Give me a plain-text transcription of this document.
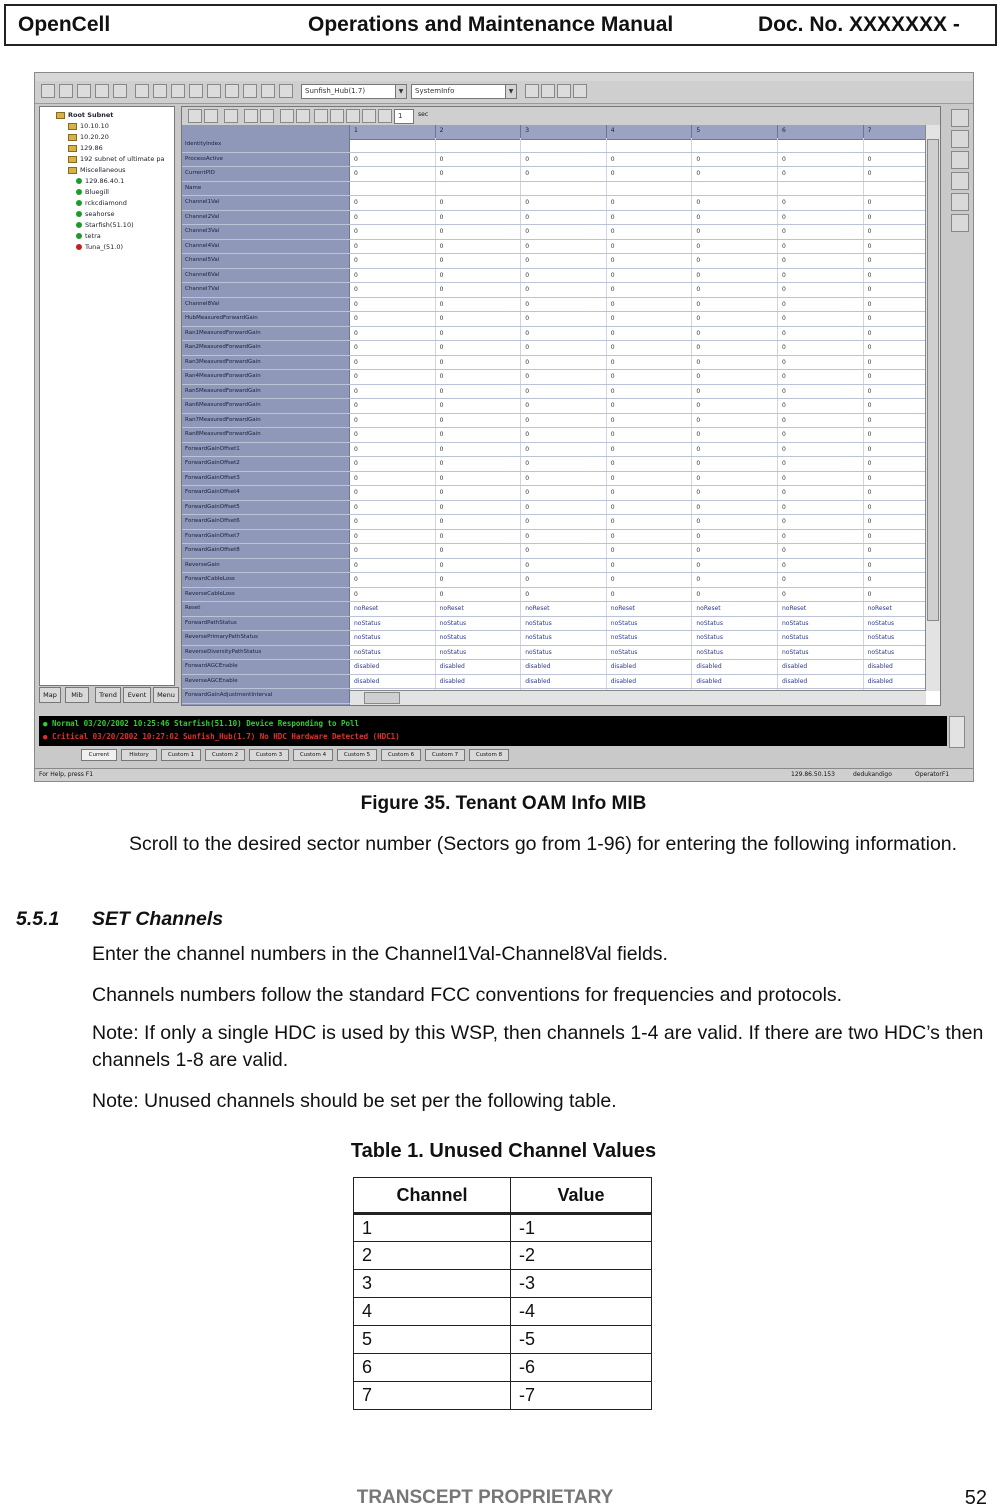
OpenCell	Operations and Maintenance Manual	Doc. No. XXXXXXX -
Sunfish_Hub(1.7)	▼	SystemInfo	▼
Root Subnet
10.10.10
10.20.20
129.86
192 subnet of ultimate pa
Miscellaneous
129.86.40.1
Bluegill
rckcdiamond
seahorse
Starfish(51.10)
tetra
Tuna_(51.0)
Map	Mib	Trend	Event	Menu
1	sec
1	2	3	4	5	6	7
IdentityIndex
ProcessActive	0	0	0	0	0	0	0
CurrentPID	0	0	0	0	0	0	0
Name
Channel1Val	0	0	0	0	0	0	0
Channel2Val	0	0	0	0	0	0	0
Channel3Val	0	0	0	0	0	0	0
Channel4Val	0	0	0	0	0	0	0
Channel5Val	0	0	0	0	0	0	0
Channel6Val	0	0	0	0	0	0	0
Channel7Val	0	0	0	0	0	0	0
Channel8Val	0	0	0	0	0	0	0
HubMeasuredForwardGain	0	0	0	0	0	0	0
Ran1MeasuredForwardGain	0	0	0	0	0	0	0
Ran2MeasuredForwardGain	0	0	0	0	0	0	0
Ran3MeasuredForwardGain	0	0	0	0	0	0	0
Ran4MeasuredForwardGain	0	0	0	0	0	0	0
Ran5MeasuredForwardGain	0	0	0	0	0	0	0
Ran6MeasuredForwardGain	0	0	0	0	0	0	0
Ran7MeasuredForwardGain	0	0	0	0	0	0	0
Ran8MeasuredForwardGain	0	0	0	0	0	0	0
ForwardGainOffset1	0	0	0	0	0	0	0
ForwardGainOffset2	0	0	0	0	0	0	0
ForwardGainOffset3	0	0	0	0	0	0	0
ForwardGainOffset4	0	0	0	0	0	0	0
ForwardGainOffset5	0	0	0	0	0	0	0
ForwardGainOffset6	0	0	0	0	0	0	0
ForwardGainOffset7	0	0	0	0	0	0	0
ForwardGainOffset8	0	0	0	0	0	0	0
ReverseGain	0	0	0	0	0	0	0
ForwardCableLoss	0	0	0	0	0	0	0
ReverseCableLoss	0	0	0	0	0	0	0
Reset	noReset	noReset	noReset	noReset	noReset	noReset	noReset
ForwardPathStatus	noStatus	noStatus	noStatus	noStatus	noStatus	noStatus	noStatus
ReversePrimaryPathStatus	noStatus	noStatus	noStatus	noStatus	noStatus	noStatus	noStatus
ReverseDiversityPathStatus	noStatus	noStatus	noStatus	noStatus	noStatus	noStatus	noStatus
ForwardAGCEnable	disabled	disabled	disabled	disabled	disabled	disabled	disabled
ReverseAGCEnable	disabled	disabled	disabled	disabled	disabled	disabled	disabled
ForwardGainAdjustmentInterval
● Normal 03/20/2002 10:25:46 Starfish(51.10) Device Responding to Poll
● Critical 03/20/2002 10:27:02 Sunfish_Hub(1.7) No HDC Hardware Detected (HDC1)
Current	History	Custom 1	Custom 2	Custom 3	Custom 4	Custom 5	Custom 6	Custom 7	Custom 8
For Help, press F1	129.86.50.153	dedukandigo	OperatorF1
Figure 35. Tenant OAM Info MIB
Scroll to the desired sector number (Sectors go from 1-96) for entering the following information.
5.5.1 SET Channels
Enter the channel numbers in the Channel1Val-Channel8Val fields.
Channels numbers follow the standard FCC conventions for frequencies and protocols.
Note: If only a single HDC is used by this WSP, then channels 1-4 are valid. If there are two HDC’s then channels 1-8 are valid.
Note: Unused channels should be set per the following table.
Table 1. Unused Channel Values
Channel	Value
1	-1
2	-2
3	-3
4	-4
5	-5
6	-6
7	-7
TRANSCEPT PROPRIETARY	52
